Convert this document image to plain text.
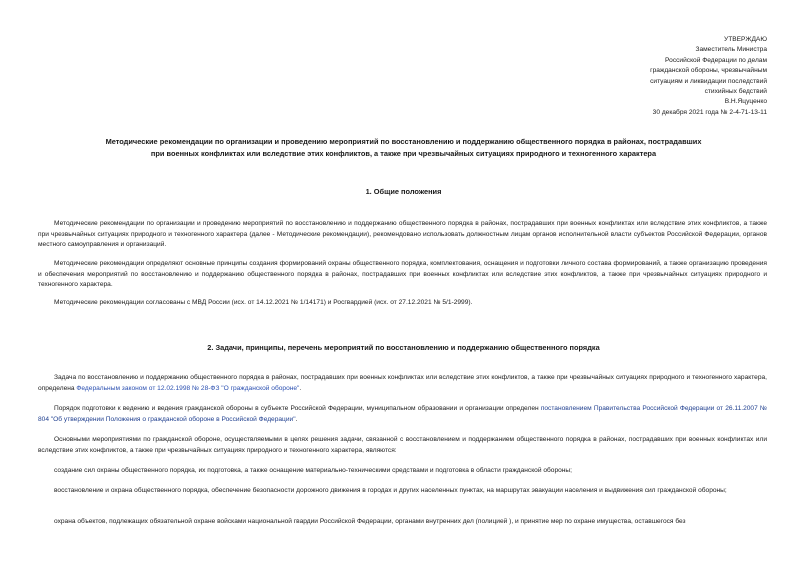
УТВЕРЖДАЮ
Заместитель Министра
Российской Федерации по делам
гражданской обороны, чрезвычайным
ситуациям и ликвидации последствий
стихийных бедствий
В.Н.Яцуценко
30 декабря 2021 года № 2-4-71-13-11
Методические рекомендации по организации и проведению мероприятий по восстановлению и поддержанию общественного порядка в районах, пострадавших
при военных конфликтах или вследствие этих конфликтов, а также при чрезвычайных ситуациях природного и техногенного характера
1. Общие положения
Методические рекомендации по организации и проведению мероприятий по восстановлению и поддержанию общественного порядка в районах, пострадавших при военных конфликтах или вследствие этих конфликтов, а также при чрезвычайных ситуациях природного и техногенного характера (далее - Методические рекомендации), рекомендовано использовать должностным лицам органов исполнительной власти субъектов Российской Федерации, органов местного самоуправления и организаций.
Методические рекомендации определяют основные принципы создания формирований охраны общественного порядка, комплектования, оснащения и подготовки личного состава формирований, а также организацию проведения и обеспечения мероприятий по восстановлению и поддержанию общественного порядка в районах, пострадавших при военных конфликтах или вследствие этих конфликтов, а также при чрезвычайных ситуациях природного и техногенного характера.
Методические рекомендации согласованы с МВД России (исх. от 14.12.2021 № 1/14171) и Росгвардией (исх. от 27.12.2021 № 5/1-2999).
2. Задачи, принципы, перечень мероприятий по восстановлению и поддержанию общественного порядка
Задача по восстановлению и поддержанию общественного порядка в районах, пострадавших при военных конфликтах или вследствие этих конфликтов, а также при чрезвычайных ситуациях природного и техногенного характера, определена Федеральным законом от 12.02.1998 № 28-ФЗ "О гражданской обороне".
Порядок подготовки к ведению и ведения гражданской обороны в субъекте Российской Федерации, муниципальном образовании и организации определен постановлением Правительства Российской Федерации от 26.11.2007 № 804 "Об утверждении Положения о гражданской обороне в Российской Федерации".
Основными мероприятиями по гражданской обороне, осуществляемыми в целях решения задачи, связанной с восстановлением и поддержанием общественного порядка в районах, пострадавших при военных конфликтах или вследствие этих конфликтов, а также при чрезвычайных ситуациях природного и техногенного характера, являются:
создание сил охраны общественного порядка, их подготовка, а также оснащение материально-техническими средствами и подготовка в области гражданской обороны;
восстановление и охрана общественного порядка, обеспечение безопасности дорожного движения в городах и других населенных пунктах, на маршрутах эвакуации населения и выдвижения сил гражданской обороны;
охрана объектов, подлежащих обязательной охране войсками национальной гвардии Российской Федерации, органами внутренних дел (полицией ), и принятие мер по охране имущества, оставшегося без
